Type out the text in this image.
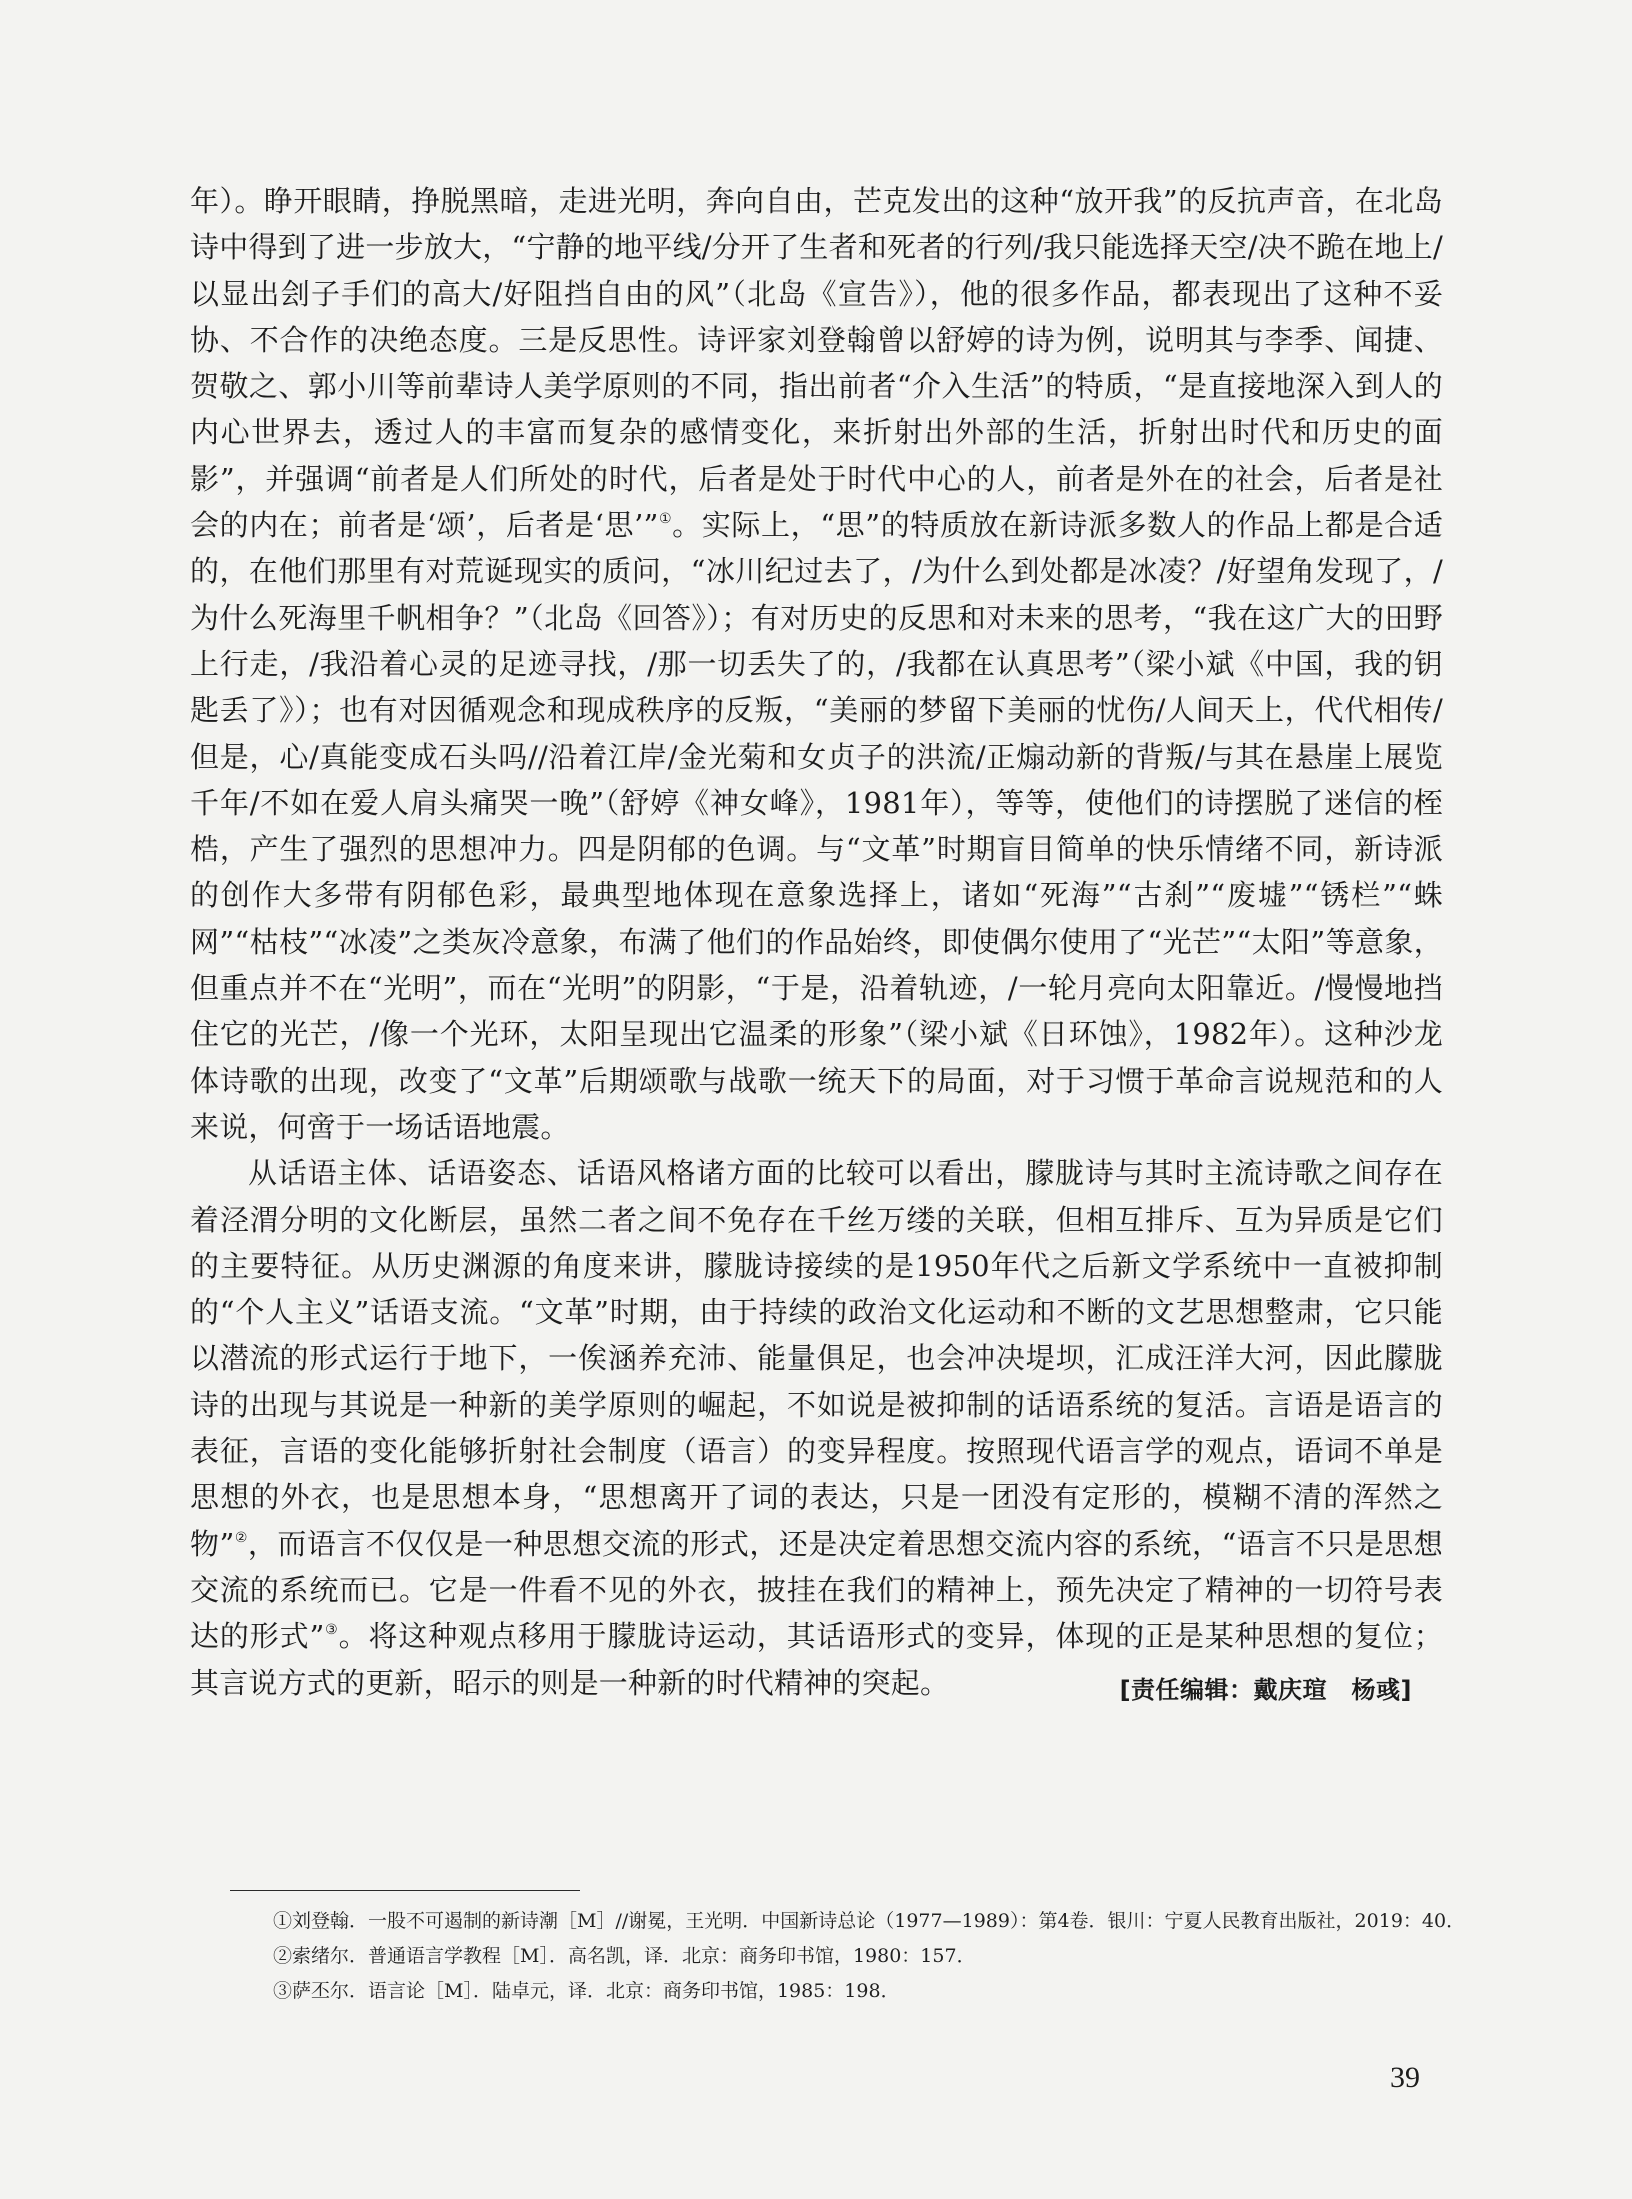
年）。睁开眼睛，挣脱黑暗，走进光明，奔向自由，芒克发出的这种“放开我”的反抗声音，在北岛诗中得到了进一步放大，“宁静的地平线/分开了生者和死者的行列/我只能选择天空/决不跪在地上/以显出刽子手们的高大/好阻挡自由的风”（北岛《宣告》），他的很多作品，都表现出了这种不妥协、不合作的决绝态度。三是反思性。诗评家刘登翰曾以舒婷的诗为例，说明其与李季、闻捷、贺敬之、郭小川等前辈诗人美学原则的不同，指出前者“介入生活”的特质，“是直接地深入到人的内心世界去，透过人的丰富而复杂的感情变化，来折射出外部的生活，折射出时代和历史的面影”，并强调“前者是人们所处的时代，后者是处于时代中心的人，前者是外在的社会，后者是社会的内在；前者是‘颂’，后者是‘思’”①。实际上，“思”的特质放在新诗派多数人的作品上都是合适的，在他们那里有对荒诞现实的质问，“冰川纪过去了，/为什么到处都是冰凌？/好望角发现了，/为什么死海里千帆相争？”（北岛《回答》）；有对历史的反思和对未来的思考，“我在这广大的田野上行走，/我沿着心灵的足迹寻找，/那一切丢失了的，/我都在认真思考”（梁小斌《中国，我的钥匙丢了》）；也有对因循观念和现成秩序的反叛，“美丽的梦留下美丽的忧伤/人间天上，代代相传/但是，心/真能变成石头吗//沿着江岸/金光菊和女贞子的洪流/正煽动新的背叛/与其在悬崖上展览千年/不如在爱人肩头痛哭一晚”（舒婷《神女峰》，1981年），等等，使他们的诗摆脱了迷信的桎梏，产生了强烈的思想冲力。四是阴郁的色调。与“文革”时期盲目简单的快乐情绪不同，新诗派的创作大多带有阴郁色彩，最典型地体现在意象选择上，诸如“死海”“古刹”“废墟”“锈栏”“蛛网”“枯枝”“冰凌”之类灰冷意象，布满了他们的作品始终，即使偶尔使用了“光芒”“太阳”等意象，但重点并不在“光明”，而在“光明”的阴影，“于是，沿着轨迹，/一轮月亮向太阳靠近。/慢慢地挡住它的光芒，/像一个光环，太阳呈现出它温柔的形象”（梁小斌《日环蚀》，1982年）。这种沙龙体诗歌的出现，改变了“文革”后期颂歌与战歌一统天下的局面，对于习惯于革命言说规范和的人来说，何啻于一场话语地震。

从话语主体、话语姿态、话语风格诸方面的比较可以看出，朦胧诗与其时主流诗歌之间存在着泾渭分明的文化断层，虽然二者之间不免存在千丝万缕的关联，但相互排斥、互为异质是它们的主要特征。从历史渊源的角度来讲，朦胧诗接续的是1950年代之后新文学系统中一直被抑制的“个人主义”话语支流。“文革”时期，由于持续的政治文化运动和不断的文艺思想整肃，它只能以潜流的形式运行于地下，一俟涵养充沛、能量俱足，也会冲决堤坝，汇成汪洋大河，因此朦胧诗的出现与其说是一种新的美学原则的崛起，不如说是被抑制的话语系统的复活。言语是语言的表征，言语的变化能够折射社会制度（语言）的变异程度。按照现代语言学的观点，语词不单是思想的外衣，也是思想本身，“思想离开了词的表达，只是一团没有定形的，模糊不清的浑然之物”②，而语言不仅仅是一种思想交流的形式，还是决定着思想交流内容的系统，“语言不只是思想交流的系统而已。它是一件看不见的外衣，披挂在我们的精神上，预先决定了精神的一切符号表达的形式”③。将这种观点移用于朦胧诗运动，其话语形式的变异，体现的正是某种思想的复位；其言说方式的更新，昭示的则是一种新的时代精神的突起。	[责任编辑：戴庆瑄　杨彧]

①刘登翰．一股不可遏制的新诗潮［M］//谢冕，王光明．中国新诗总论（1977—1989）：第4卷．银川：宁夏人民教育出版社，2019：40．

②索绪尔．普通语言学教程［M］．高名凯，译．北京：商务印书馆，1980：157．

③萨丕尔．语言论［M］．陆卓元，译．北京：商务印书馆，1985：198．

39
